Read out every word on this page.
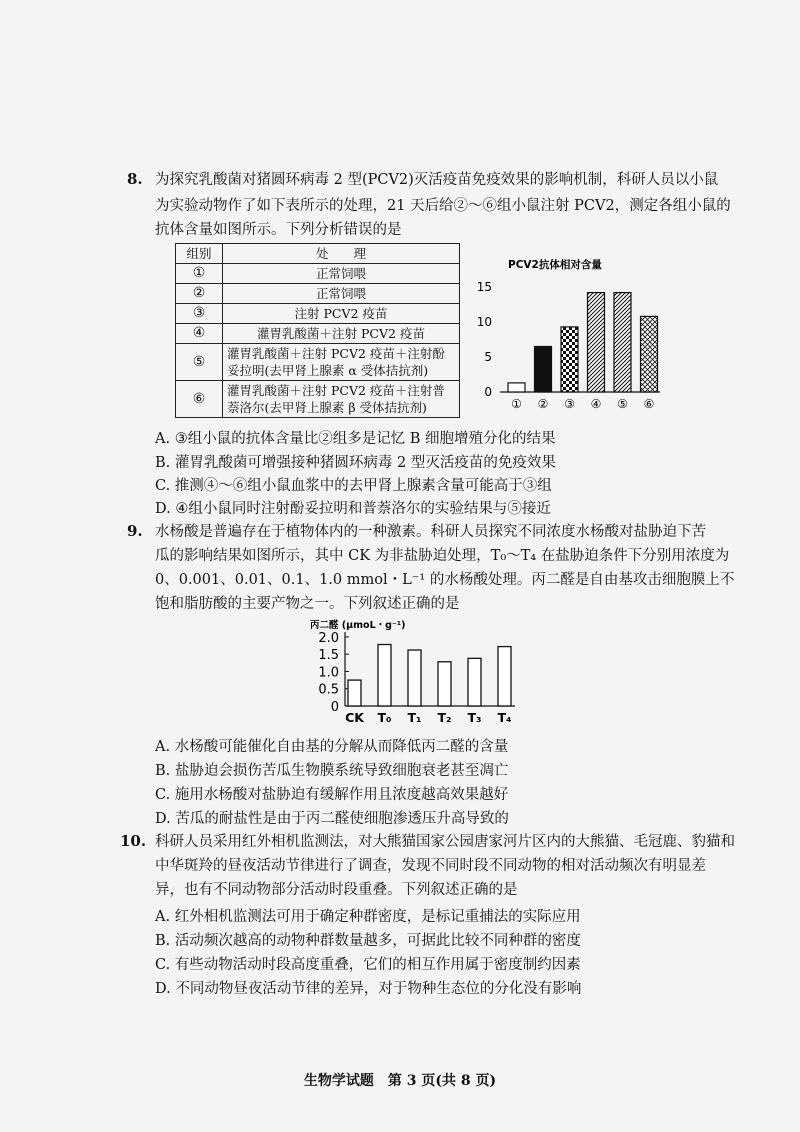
8. 为探究乳酸菌对猪圆环病毒 2 型(PCV2)灭活疫苗免疫效果的影响机制，科研人员以小鼠
为实验动物作了如下表所示的处理，21 天后给②～⑥组小鼠注射 PCV2，测定各组小鼠的
抗体含量如图所示。下列分析错误的是
组别	处　　理
①	正常饲喂
②	正常饲喂
③	注射 PCV2 疫苗
④	灌胃乳酸菌＋注射 PCV2 疫苗
⑤	灌胃乳酸菌＋注射 PCV2 疫苗＋注射酚
妥拉明(去甲肾上腺素 α 受体拮抗剂)
⑥	灌胃乳酸菌＋注射 PCV2 疫苗＋注射普
萘洛尔(去甲肾上腺素 β 受体拮抗剂)
PCV2抗体相对含量
0
5
10
15
① ② ③ ④ ⑤ ⑥
A. ③组小鼠的抗体含量比②组多是记忆 B 细胞增殖分化的结果
B. 灌胃乳酸菌可增强接种猪圆环病毒 2 型灭活疫苗的免疫效果
C. 推测④～⑥组小鼠血浆中的去甲肾上腺素含量可能高于③组
D. ④组小鼠同时注射酚妥拉明和普萘洛尔的实验结果与⑤接近
9. 水杨酸是普遍存在于植物体内的一种激素。科研人员探究不同浓度水杨酸对盐胁迫下苦
瓜的影响结果如图所示，其中 CK 为非盐胁迫处理，T₀～T₄ 在盐胁迫条件下分别用浓度为
0、0.001、0.01、0.1、1.0 mmol・L⁻¹ 的水杨酸处理。丙二醛是自由基攻击细胞膜上不
饱和脂肪酸的主要产物之一。下列叙述正确的是
丙二醛 (μmoL・g⁻¹)
0
0.5
1.0
1.5
2.0
CK T₀ T₁ T₂ T₃ T₄
A. 水杨酸可能催化自由基的分解从而降低丙二醛的含量
B. 盐胁迫会损伤苦瓜生物膜系统导致细胞衰老甚至凋亡
C. 施用水杨酸对盐胁迫有缓解作用且浓度越高效果越好
D. 苦瓜的耐盐性是由于丙二醛使细胞渗透压升高导致的
10. 科研人员采用红外相机监测法，对大熊猫国家公园唐家河片区内的大熊猫、毛冠鹿、豹猫和
中华斑羚的昼夜活动节律进行了调查，发现不同时段不同动物的相对活动频次有明显差
异，也有不同动物部分活动时段重叠。下列叙述正确的是
A. 红外相机监测法可用于确定种群密度，是标记重捕法的实际应用
B. 活动频次越高的动物种群数量越多，可据此比较不同种群的密度
C. 有些动物活动时段高度重叠，它们的相互作用属于密度制约因素
D. 不同动物昼夜活动节律的差异，对于物种生态位的分化没有影响
生物学试题　第 3 页(共 8 页)
